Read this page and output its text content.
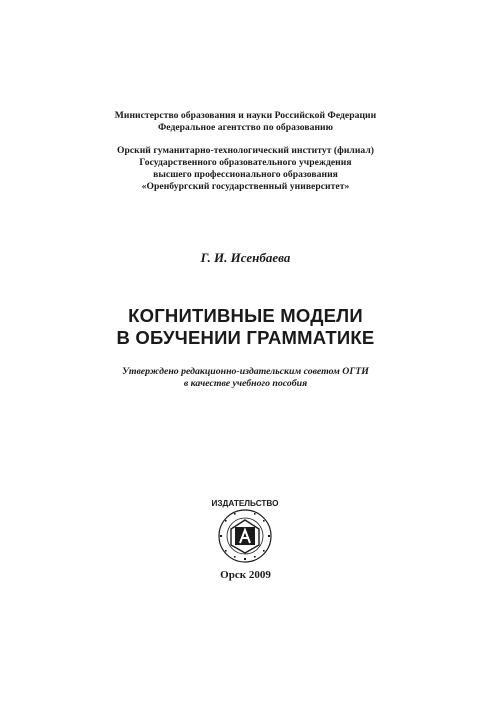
Министерство образования и науки Российской Федерации
Федеральное агентство по образованию
Орский гуманитарно-технологический институт (филиал)
Государственного образовательного учреждения
высшего профессионального образования
«Оренбургский государственный университет»
Г. И. Исенбаева
КОГНИТИВНЫЕ МОДЕЛИ
В ОБУЧЕНИИ ГРАММАТИКЕ
Утверждено редакционно-издательским советом ОГТИ
в качестве учебного пособия
ИЗДАТЕЛЬСТВО
Орск 2009
